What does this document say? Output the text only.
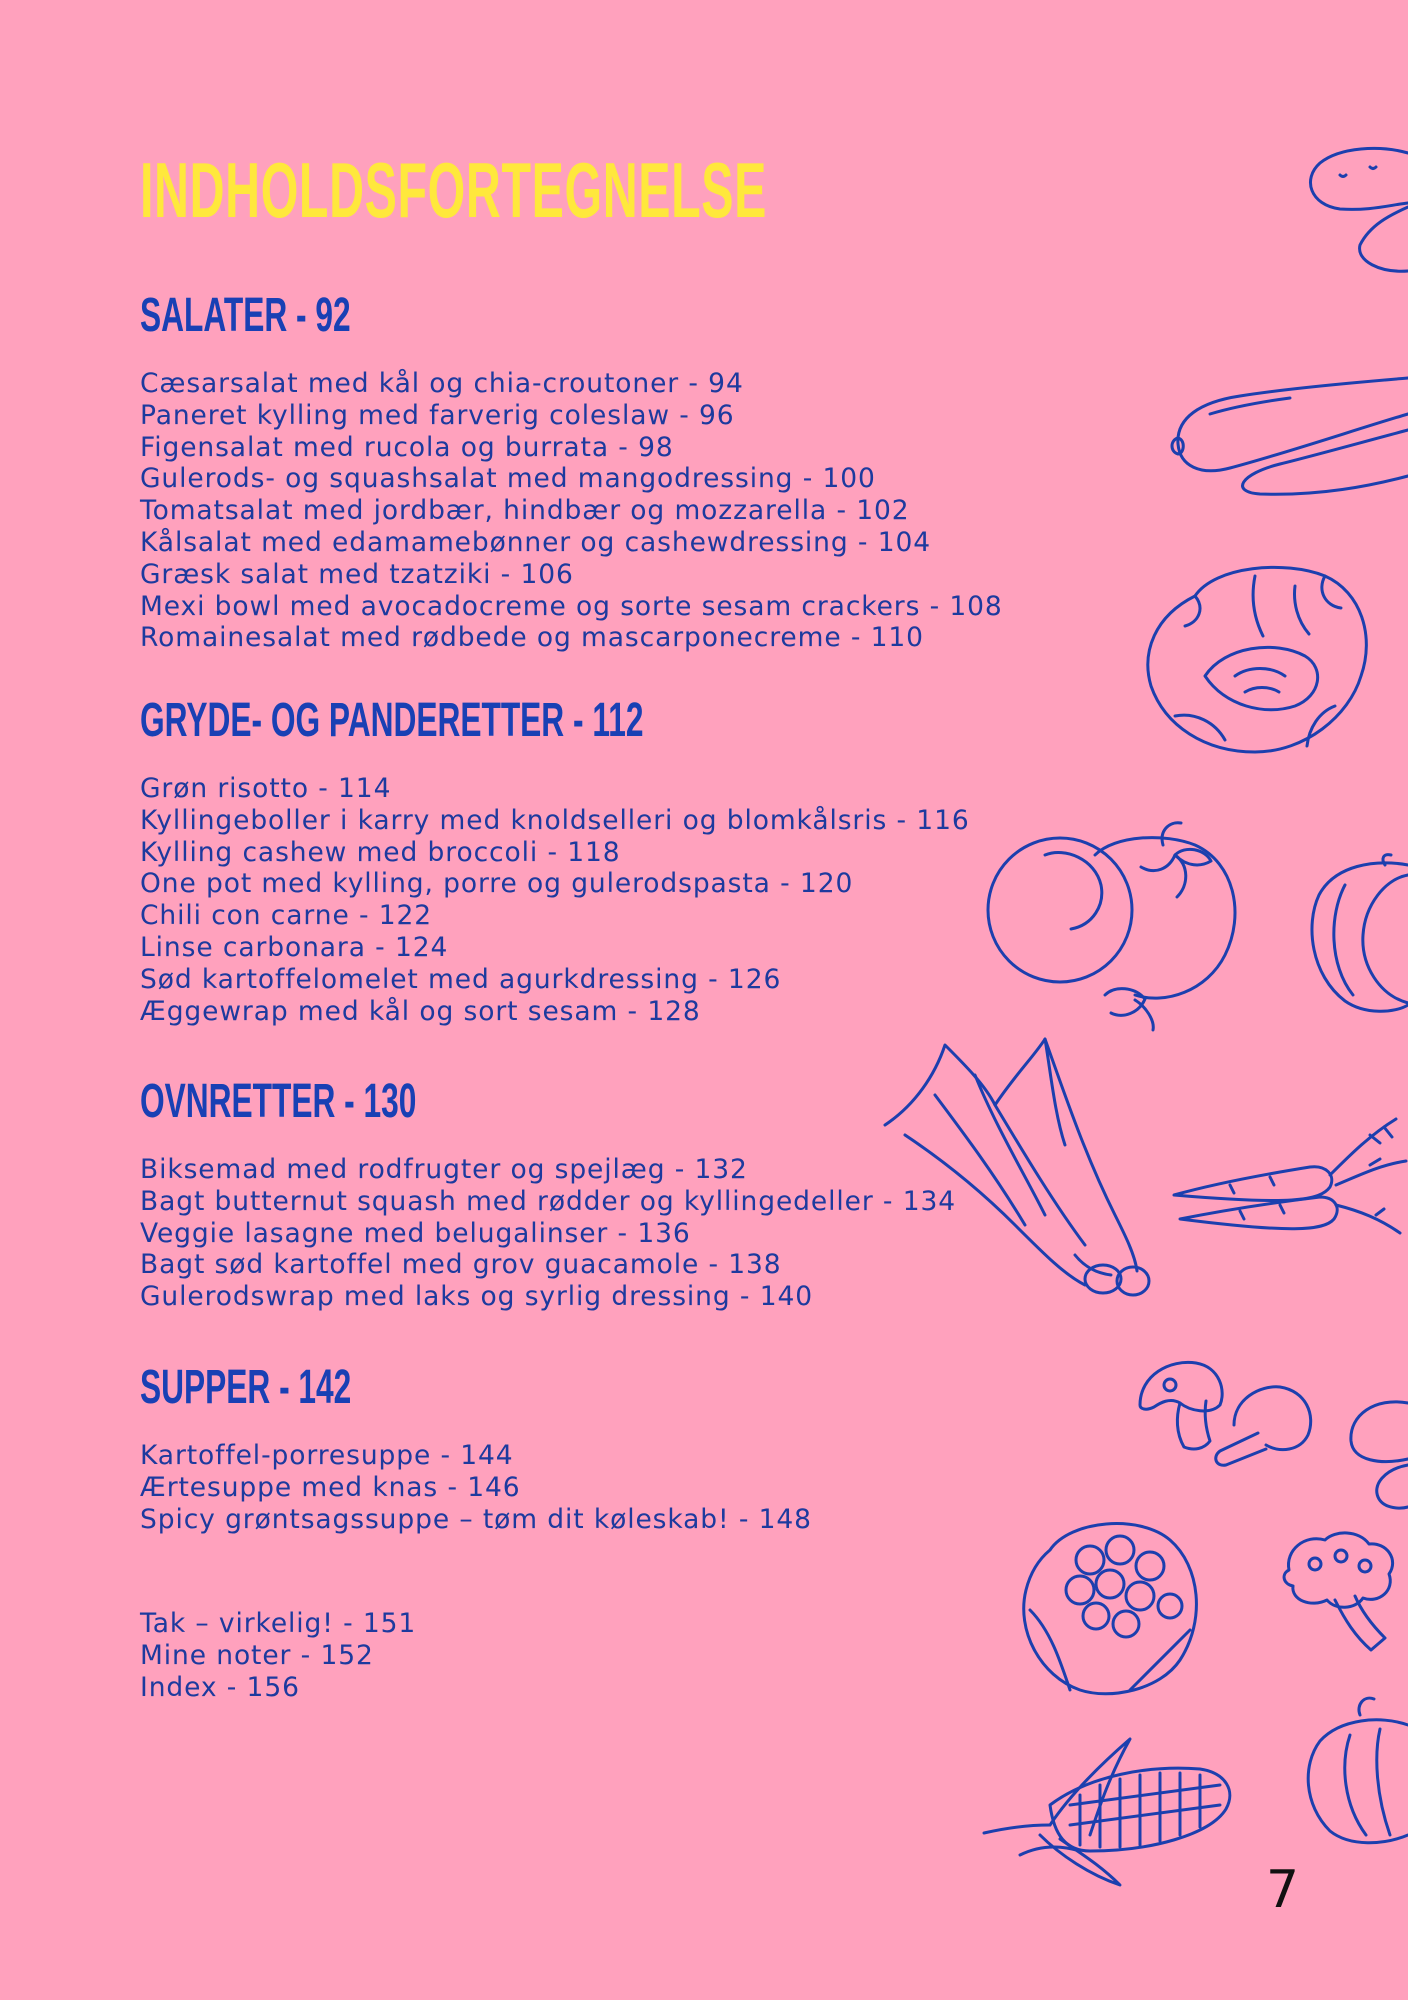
INDHOLDSFORTEGNELSE
SALATER - 92
Cæsarsalat med kål og chia-croutoner - 94
Paneret kylling med farverig coleslaw - 96
Figensalat med rucola og burrata - 98
Gulerods- og squashsalat med mangodressing - 100
Tomatsalat med jordbær, hindbær og mozzarella - 102
Kålsalat med edamamebønner og cashewdressing - 104
Græsk salat med tzatziki - 106
Mexi bowl med avocadocreme og sorte sesam crackers - 108
Romainesalat med rødbede og mascarponecreme - 110
GRYDE- OG PANDERETTER - 112
Grøn risotto - 114
Kyllingeboller i karry med knoldselleri og blomkålsris - 116
Kylling cashew med broccoli - 118
One pot med kylling, porre og gulerodspasta - 120
Chili con carne - 122
Linse carbonara - 124
Sød kartoffelomelet med agurkdressing - 126
Æggewrap med kål og sort sesam - 128
OVNRETTER - 130
Biksemad med rodfrugter og spejlæg - 132
Bagt butternut squash med rødder og kyllingedeller - 134
Veggie lasagne med belugalinser - 136
Bagt sød kartoffel med grov guacamole - 138
Gulerodswrap med laks og syrlig dressing - 140
SUPPER - 142
Kartoffel-porresuppe - 144
Ærtesuppe med knas - 146
Spicy grøntsagssuppe – tøm dit køleskab! - 148
Tak – virkelig! - 151
Mine noter - 152
Index - 156
7
